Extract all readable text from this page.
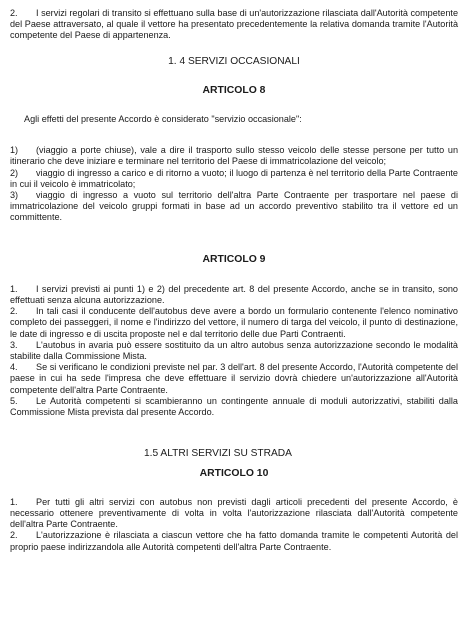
2. I servizi regolari di transito si effettuano sulla base di un'autorizzazione rilasciata dall'Autorità competente del Paese attraversato, al quale il vettore ha presentato precedentemente la relativa domanda tramite l'Autorità competente del Paese di appartenenza.

1. 4 SERVIZI OCCASIONALI

ARTICOLO 8

Agli effetti del presente Accordo è considerato "servizio occasionale":

1) (viaggio a porte chiuse), vale a dire il trasporto sullo stesso veicolo delle stesse persone per tutto un itinerario che deve iniziare e terminare nel territorio del Paese di immatricolazione del veicolo;

2) viaggio di ingresso a carico e di ritorno a vuoto; il luogo di partenza è nel territorio della Parte Contraente in cui il veicolo è immatricolato;

3) viaggio di ingresso a vuoto sul territorio dell'altra Parte Contraente per trasportare nel paese di immatricolazione del veicolo gruppi formati in base ad un accordo preventivo stabilito tra il vettore ed un committente.

ARTICOLO 9

1. I servizi previsti ai punti 1) e 2) del precedente art. 8 del presente Accordo, anche se in transito, sono effettuati senza alcuna autorizzazione.

2. In tali casi il conducente dell'autobus deve avere a bordo un formulario contenente l'elenco nominativo completo dei passeggeri, il nome e l'indirizzo del vettore, il numero di targa del veicolo, il punto di destinazione, le date di ingresso e di uscita proposte nel e dal territorio delle due Parti Contraenti.

3. L'autobus in avaria può essere sostituito da un altro autobus senza autorizzazione secondo le modalità stabilite dalla Commissione Mista.

4. Se si verificano le condizioni previste nel par. 3 dell'art. 8 del presente Accordo, l'Autorità competente del paese in cui ha sede l'impresa che deve effettuare il servizio dovrà chiedere un'autorizzazione all'Autorità competente dell'altra Parte Contraente.

5. Le Autorità competenti si scambieranno un contingente annuale di moduli autorizzativi, stabiliti dalla Commissione Mista prevista dal presente Accordo.

1.5 ALTRI SERVIZI SU STRADA

ARTICOLO 10

1. Per tutti gli altri servizi con autobus non previsti dagli articoli precedenti del presente Accordo, è necessario ottenere preventivamente di volta in volta l'autorizzazione rilasciata dall'Autorità competente dell'altra Parte Contraente.

2. L'autorizzazione è rilasciata a ciascun vettore che ha fatto domanda tramite le competenti Autorità del proprio paese indirizzandola alle Autorità competenti dell'altra Parte Contraente.
